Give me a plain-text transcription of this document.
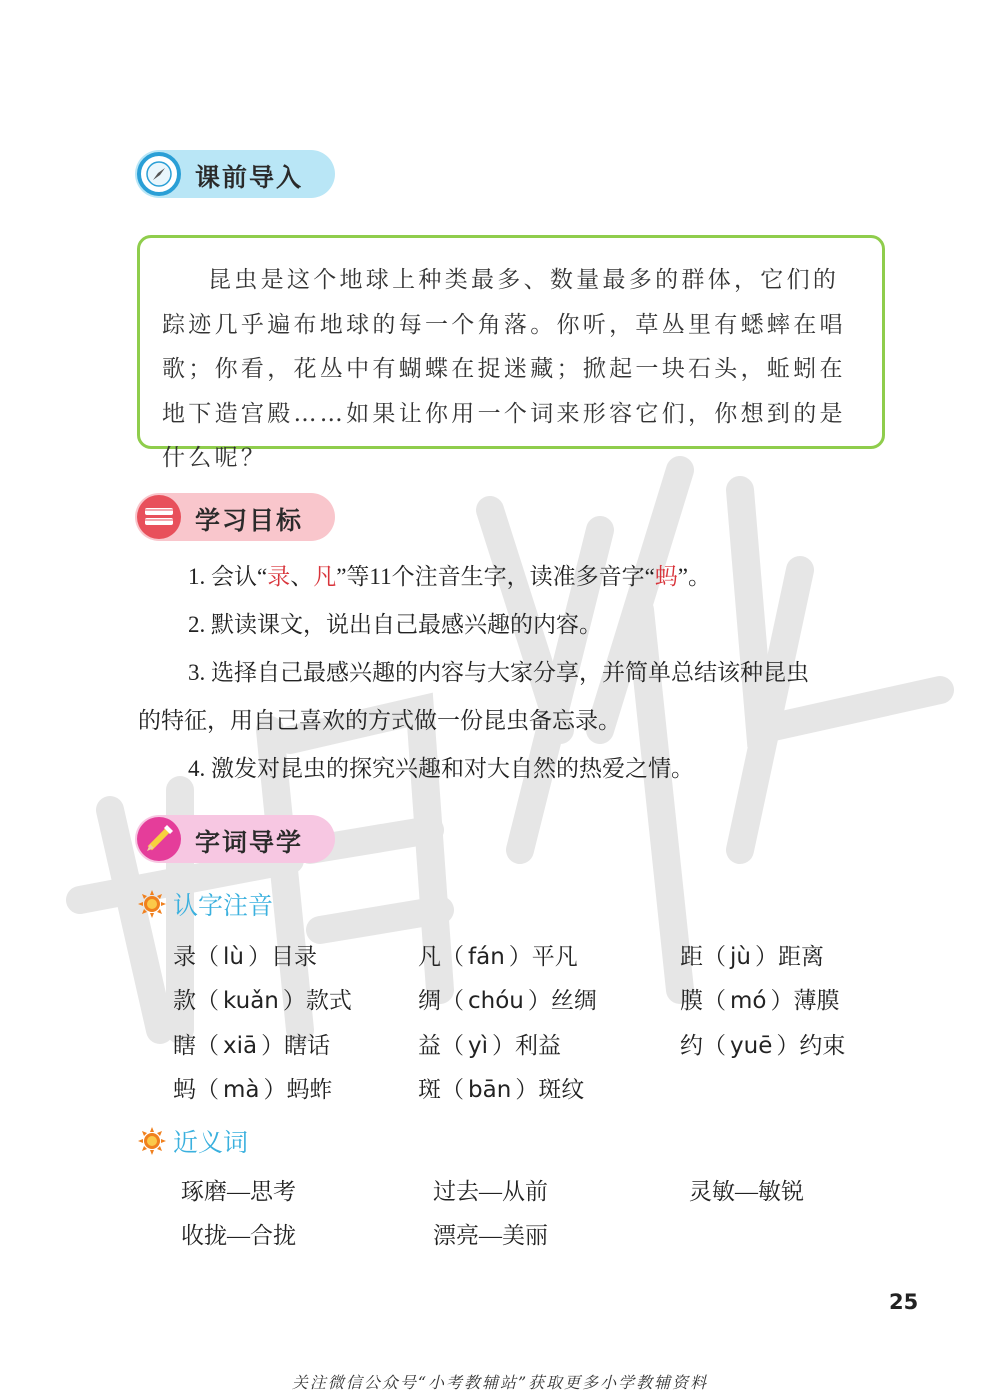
课前导入

昆虫是这个地球上种类最多、数量最多的群体，它们的踪迹几乎遍布地球的每一个角落。你听，草丛里有蟋蟀在唱歌；你看，花丛中有蝴蝶在捉迷藏；掀起一块石头，蚯蚓在地下造宫殿……如果让你用一个词来形容它们，你想到的是什么呢？

学习目标

1. 会认“录、凡”等11个注音生字，读准多音字“蚂”。

2. 默读课文，说出自己最感兴趣的内容。

3. 选择自己最感兴趣的内容与大家分享，并简单总结该种昆虫

的特征，用自己喜欢的方式做一份昆虫备忘录。

4. 激发对昆虫的探究兴趣和对大自然的热爱之情。

字词导学
认字注音
录（ lù ）目录	凡（ fán ）平凡	距（ jù ）距离
款（ kuǎn ）款式	绸（ chóu ）丝绸	膜（ mó ）薄膜
瞎（ xiā ）瞎话	益（ yì ）利益	约（ yuē ）约束
蚂（ mà ）蚂蚱	斑（ bān ）斑纹
近义词
琢磨—思考	过去—从前	灵敏—敏锐
收拢—合拢	漂亮—美丽
25
关注微信公众号“小考教辅站”获取更多小学教辅资料
